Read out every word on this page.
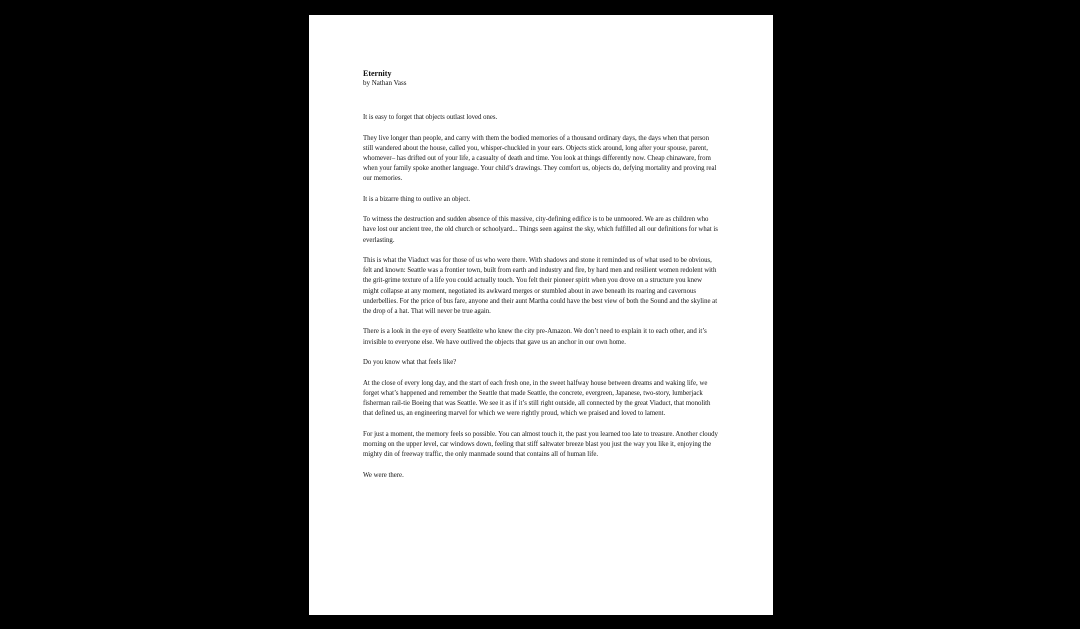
Eternity

by Nathan Vass

It is easy to forget that objects outlast loved ones.

They live longer than people, and carry with them the bodied memories of a thousand ordinary days, the days when that person still wandered about the house, called you, whisper-chuckled in your ears. Objects stick around, long after your spouse, parent, whomever– has drifted out of your life, a casualty of death and time. You look at things differently now. Cheap chinaware, from when your family spoke another language. Your child’s drawings. They comfort us, objects do, defying mortality and proving real our memories.

It is a bizarre thing to outlive an object.

To witness the destruction and sudden absence of this massive, city-defining edifice is to be unmoored. We are as children who have lost our ancient tree, the old church or schoolyard... Things seen against the sky, which fulfilled all our definitions for what is everlasting.

This is what the Viaduct was for those of us who were there. With shadows and stone it reminded us of what used to be obvious, felt and known: Seattle was a frontier town, built from earth and industry and fire, by hard men and resilient women redolent with the grit-grime texture of a life you could actually touch. You felt their pioneer spirit when you drove on a structure you knew might collapse at any moment, negotiated its awkward merges or stumbled about in awe beneath its roaring and cavernous underbellies. For the price of bus fare, anyone and their aunt Martha could have the best view of both the Sound and the skyline at the drop of a hat. That will never be true again.

There is a look in the eye of every Seattleite who knew the city pre-Amazon. We don’t need to explain it to each other, and it’s invisible to everyone else. We have outlived the objects that gave us an anchor in our own home.

Do you know what that feels like?

At the close of every long day, and the start of each fresh one, in the sweet halfway house between dreams and waking life, we forget what’s happened and remember the Seattle that made Seattle, the concrete, evergreen, Japanese, two-story, lumberjack fisherman rail-tie Boeing that was Seattle. We see it as if it’s still right outside, all connected by the great Viaduct, that monolith that defined us, an engineering marvel for which we were rightly proud, which we praised and loved to lament.

For just a moment, the memory feels so possible. You can almost touch it, the past you learned too late to treasure. Another cloudy morning on the upper level, car windows down, feeling that stiff saltwater breeze blast you just the way you like it, enjoying the mighty din of freeway traffic, the only manmade sound that contains all of human life.

We were there.
